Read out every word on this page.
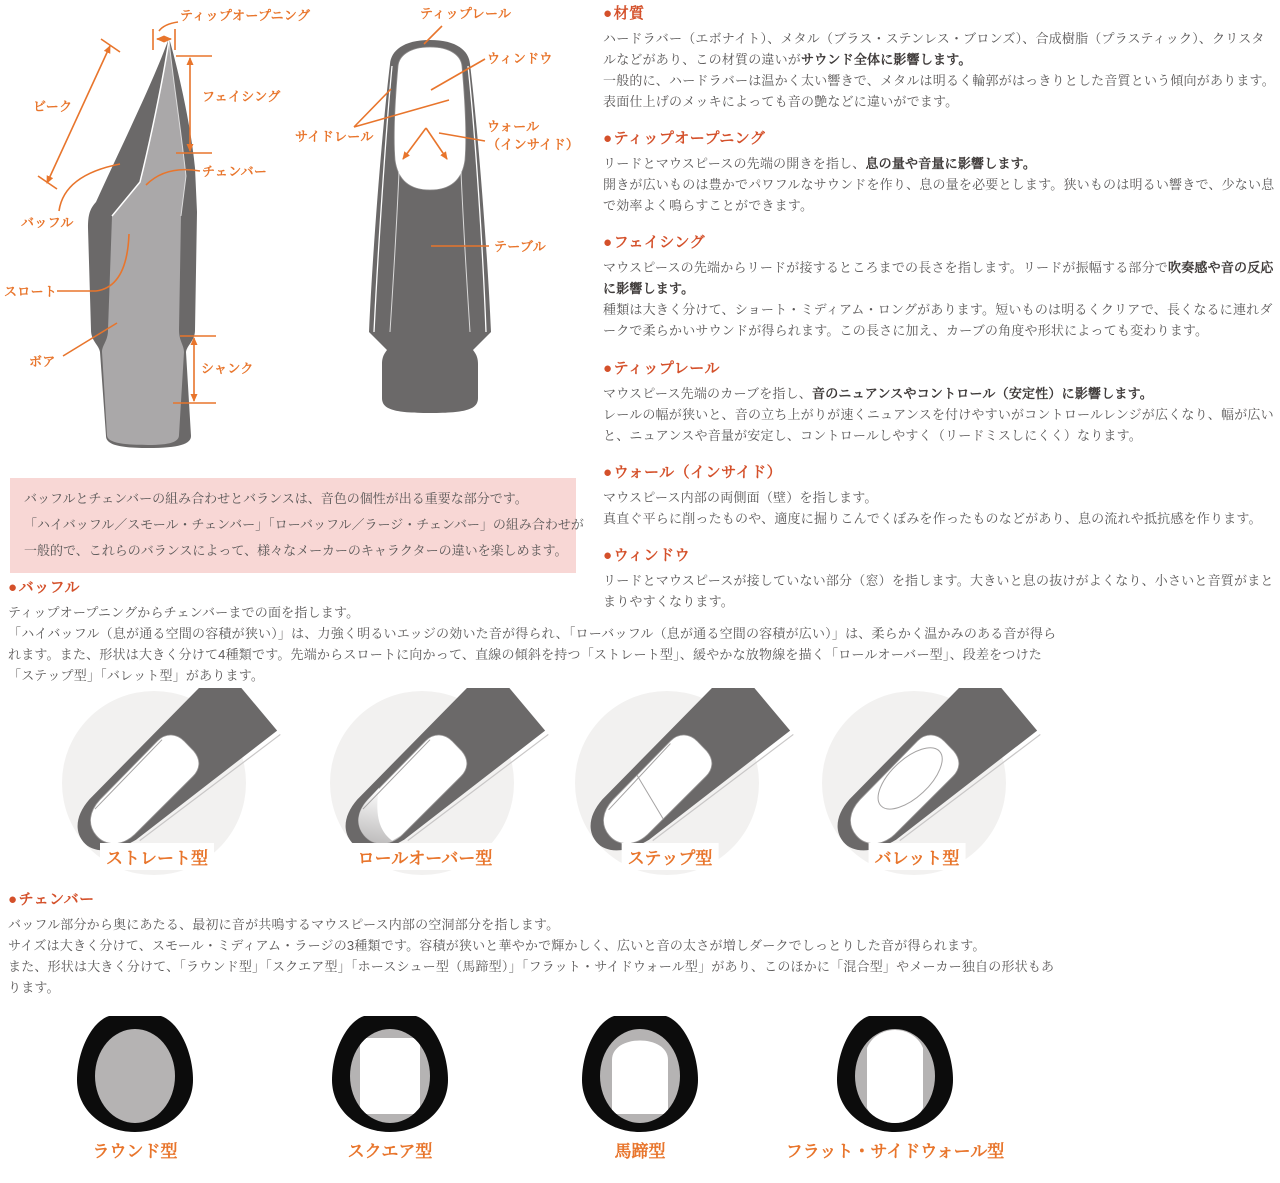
ティップオープニング
ビーク
フェイシング
チェンバー
バッフル
スロート
ボア	シャンク
ティップレール
ウィンドウ
サイドレール
ウォール
（インサイド）
テーブル
●材質

ハードラバー（エボナイト）、メタル（ブラス・ステンレス・ブロンズ）、合成樹脂（プラスティック）、クリスタルなどがあり、この材質の違いがサウンド全体に影響します。
一般的に、ハードラバーは温かく太い響きで、メタルは明るく輪郭がはっきりとした音質という傾向があります。表面仕上げのメッキによっても音の艶などに違いがでます。

●ティップオープニング

リードとマウスピースの先端の開きを指し、息の量や音量に影響します。
開きが広いものは豊かでパワフルなサウンドを作り、息の量を必要とします。狭いものは明るい響きで、少ない息で効率よく鳴らすことができます。

●フェイシング

マウスピースの先端からリードが接するところまでの長さを指します。リードが振幅する部分で吹奏感や音の反応に影響します。
種類は大きく分けて、ショート・ミディアム・ロングがあります。短いものは明るくクリアで、長くなるに連れダークで柔らかいサウンドが得られます。この長さに加え、カーブの角度や形状によっても変わります。

●ティップレール

マウスピース先端のカーブを指し、音のニュアンスやコントロール（安定性）に影響します。
レールの幅が狭いと、音の立ち上がりが速くニュアンスを付けやすいがコントロールレンジが広くなり、幅が広いと、ニュアンスや音量が安定し、コントロールしやすく（リードミスしにくく）なります。

●ウォール（インサイド）

マウスピース内部の両側面（壁）を指します。
真直ぐ平らに削ったものや、適度に掘りこんでくぼみを作ったものなどがあり、息の流れや抵抗感を作ります。

●ウィンドウ

リードとマウスピースが接していない部分（窓）を指します。大きいと息の抜けがよくなり、小さいと音質がまとまりやすくなります。

バッフルとチェンバーの組み合わせとバランスは、音色の個性が出る重要な部分です。
「ハイバッフル／スモール・チェンバー」「ローバッフル／ラージ・チェンバー」の組み合わせが
一般的で、これらのバランスによって、様々なメーカーのキャラクターの違いを楽しめます。
●バッフル

ティップオープニングからチェンバーまでの面を指します。
「ハイバッフル（息が通る空間の容積が狭い）」は、力強く明るいエッジの効いた音が得られ、「ローバッフル（息が通る空間の容積が広い）」は、柔らかく温かみのある音が得られます。また、形状は大きく分けて4種類です。先端からスロートに向かって、直線の傾斜を持つ「ストレート型」、緩やかな放物線を描く「ロールオーバー型」、段差をつけた「ステップ型」「バレット型」があります。

ストレート型	ロールオーバー型	ステップ型	バレット型
●チェンバー

バッフル部分から奥にあたる、最初に音が共鳴するマウスピース内部の空洞部分を指します。
サイズは大きく分けて、スモール・ミディアム・ラージの3種類です。容積が狭いと華やかで輝かしく、広いと音の太さが増しダークでしっとりした音が得られます。
また、形状は大きく分けて、「ラウンド型」「スクエア型」「ホースシュー型（馬蹄型）」「フラット・サイドウォール型」があり、このほかに「混合型」やメーカー独自の形状もあります。

ラウンド型	スクエア型	馬蹄型	フラット・サイドウォール型
